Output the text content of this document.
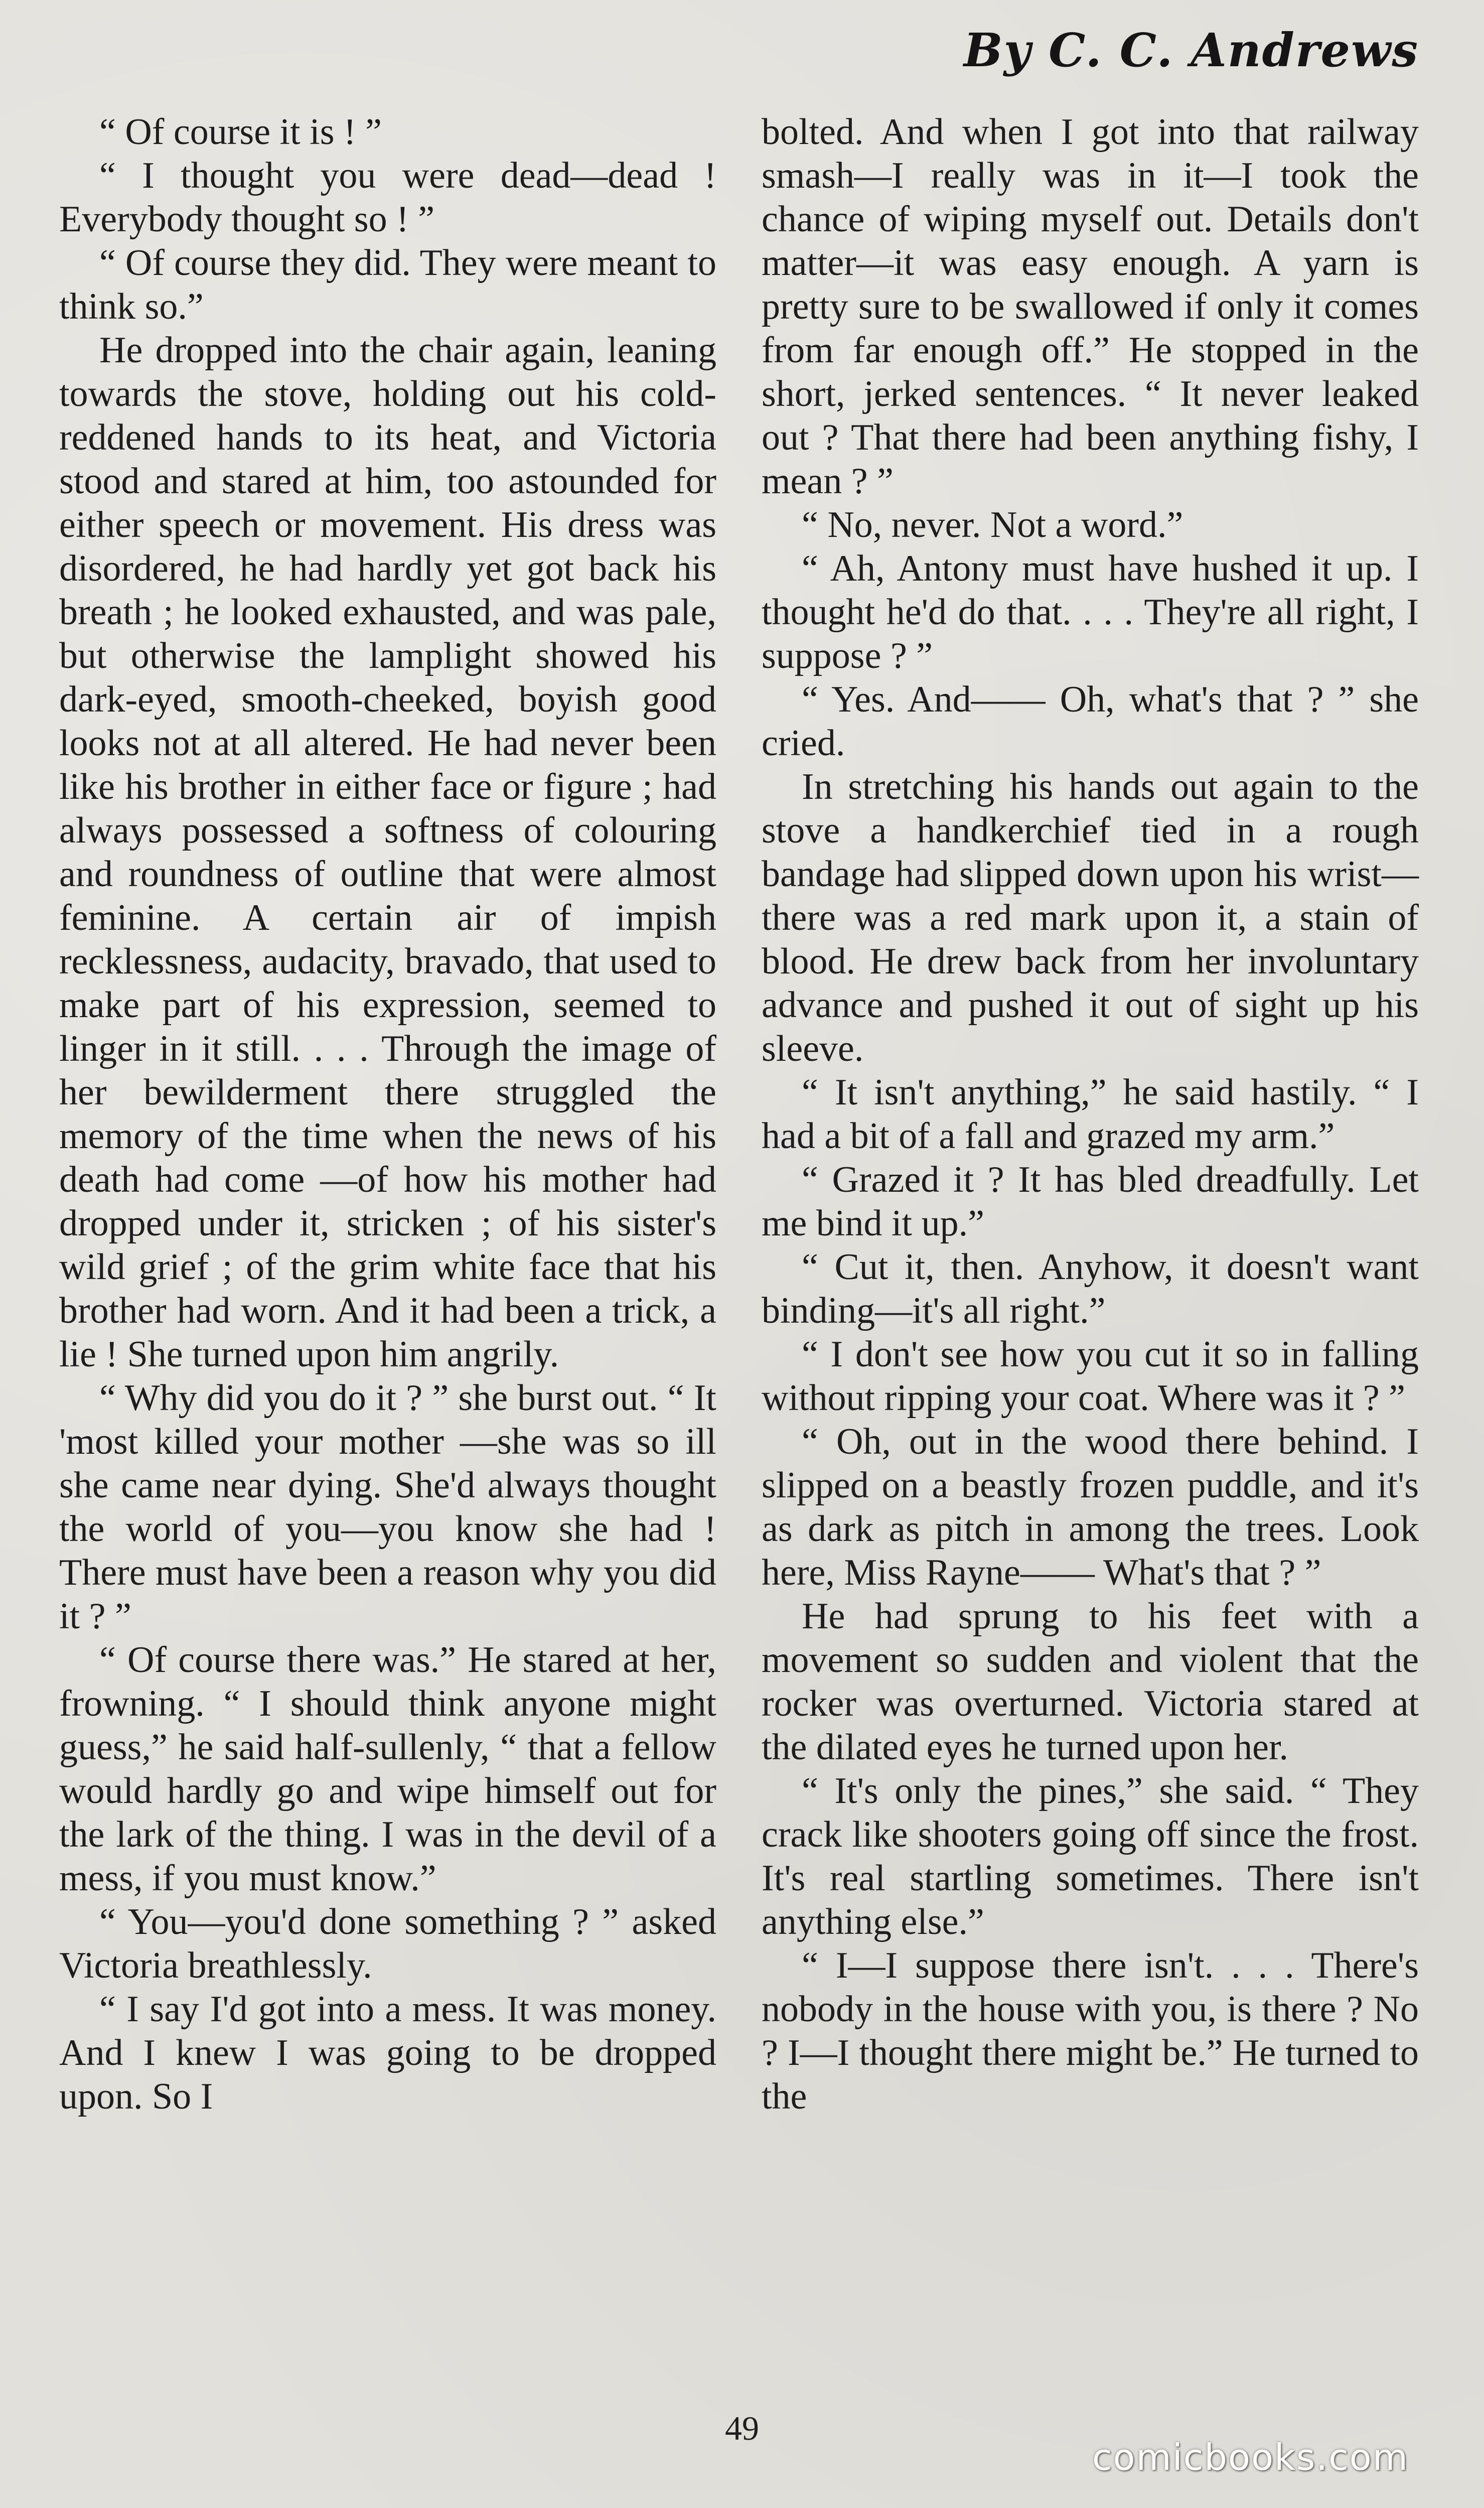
By C. C. Andrews

“ Of course it is ! ”

“ I thought you were dead—dead ! Everybody thought so ! ”

“ Of course they did. They were meant to think so.”

He dropped into the chair again, leaning towards the stove, holding out his cold-reddened hands to its heat, and Victoria stood and stared at him, too astounded for either speech or movement. His dress was disordered, he had hardly yet got back his breath ; he looked exhausted, and was pale, but otherwise the lamplight showed his dark-eyed, smooth-cheeked, boyish good looks not at all altered. He had never been like his brother in either face or figure ; had always possessed a softness of colouring and roundness of outline that were almost feminine. A certain air of impish recklessness, audacity, bravado, that used to make part of his expression, seemed to linger in it still. . . . Through the image of her bewilderment there struggled the memory of the time when the news of his death had come —of how his mother had dropped under it, stricken ; of his sister's wild grief ; of the grim white face that his brother had worn. And it had been a trick, a lie ! She turned upon him angrily.

“ Why did you do it ? ” she burst out. “ It 'most killed your mother —she was so ill she came near dying. She'd always thought the world of you—you know she had ! There must have been a reason why you did it ? ”

“ Of course there was.” He stared at her, frowning. “ I should think anyone might guess,” he said half-sullenly, “ that a fellow would hardly go and wipe himself out for the lark of the thing. I was in the devil of a mess, if you must know.”

“ You—you'd done something ? ” asked Victoria breathlessly.

“ I say I'd got into a mess. It was money. And I knew I was going to be dropped upon. So I

bolted. And when I got into that railway smash—I really was in it—I took the chance of wiping myself out. Details don't matter—it was easy enough. A yarn is pretty sure to be swallowed if only it comes from far enough off.” He stopped in the short, jerked sentences. “ It never leaked out ? That there had been anything fishy, I mean ? ”

“ No, never. Not a word.”

“ Ah, Antony must have hushed it up. I thought he'd do that. . . . They're all right, I suppose ? ”

“ Yes. And—— Oh, what's that ? ” she cried.

In stretching his hands out again to the stove a handkerchief tied in a rough bandage had slipped down upon his wrist—there was a red mark upon it, a stain of blood. He drew back from her involuntary advance and pushed it out of sight up his sleeve.

“ It isn't anything,” he said hastily. “ I had a bit of a fall and grazed my arm.”

“ Grazed it ? It has bled dreadfully. Let me bind it up.”

“ Cut it, then. Anyhow, it doesn't want binding—it's all right.”

“ I don't see how you cut it so in falling without ripping your coat. Where was it ? ”

“ Oh, out in the wood there behind. I slipped on a beastly frozen puddle, and it's as dark as pitch in among the trees. Look here, Miss Rayne—— What's that ? ”

He had sprung to his feet with a movement so sudden and violent that the rocker was overturned. Victoria stared at the dilated eyes he turned upon her.

“ It's only the pines,” she said. “ They crack like shooters going off since the frost. It's real startling sometimes. There isn't anything else.”

“ I—I suppose there isn't. . . . There's nobody in the house with you, is there ? No ? I—I thought there might be.” He turned to the

49
comicbooks.com
